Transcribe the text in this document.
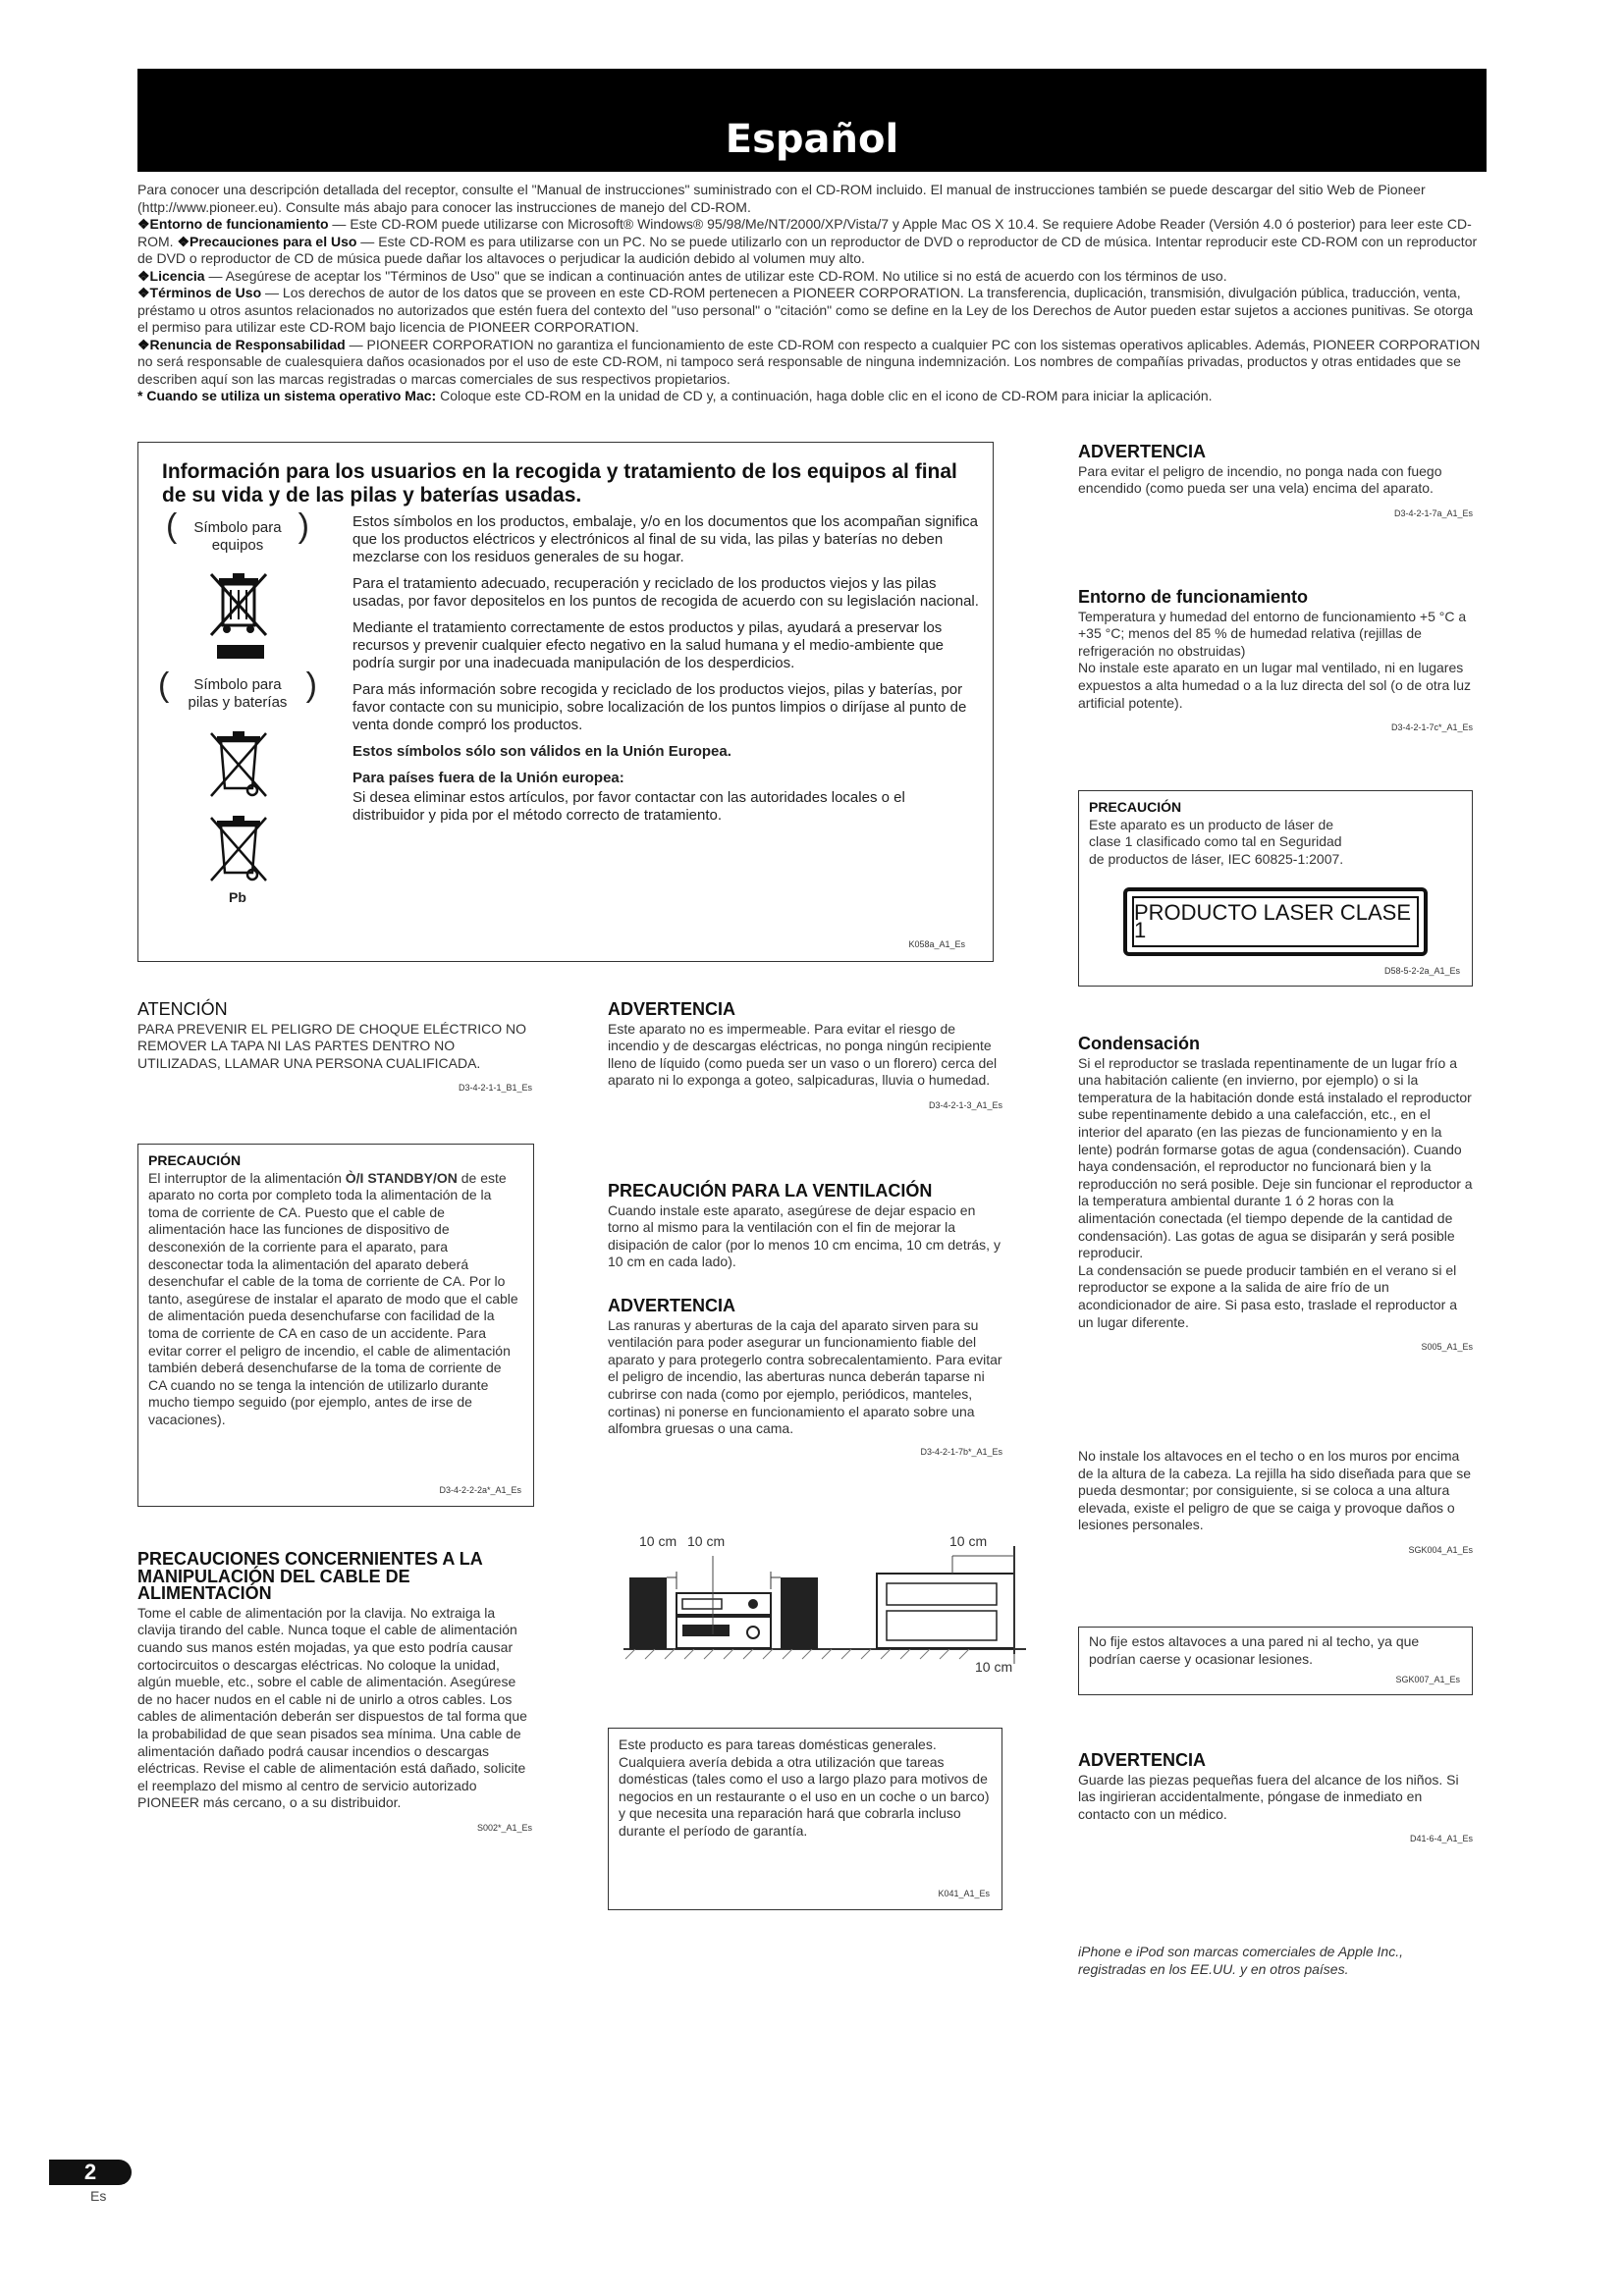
Español

Para conocer una descripción detallada del receptor, consulte el "Manual de instrucciones" suministrado con el CD-ROM incluido. El manual de instrucciones también se puede descargar del sitio Web de Pioneer (http://www.pioneer.eu). Consulte más abajo para conocer las instrucciones de manejo del CD-ROM.

❖Entorno de funcionamiento — Este CD-ROM puede utilizarse con Microsoft® Windows® 95/98/Me/NT/2000/XP/Vista/7 y Apple Mac OS X 10.4. Se requiere Adobe Reader (Versión 4.0 ó posterior) para leer este CD-ROM. ❖Precauciones para el Uso — Este CD-ROM es para utilizarse con un PC. No se puede utilizarlo con un reproductor de DVD o reproductor de CD de música. Intentar reproducir este CD-ROM con un reproductor de DVD o reproductor de CD de música puede dañar los altavoces o perjudicar la audición debido al volumen muy alto.

❖Licencia — Asegúrese de aceptar los "Términos de Uso" que se indican a continuación antes de utilizar este CD-ROM. No utilice si no está de acuerdo con los términos de uso.

❖Términos de Uso — Los derechos de autor de los datos que se proveen en este CD-ROM pertenecen a PIONEER CORPORATION. La transferencia, duplicación, transmisión, divulgación pública, traducción, venta, préstamo u otros asuntos relacionados no autorizados que estén fuera del contexto del "uso personal" o "citación" como se define en la Ley de los Derechos de Autor pueden estar sujetos a acciones punitivas. Se otorga el permiso para utilizar este CD-ROM bajo licencia de PIONEER CORPORATION.

❖Renuncia de Responsabilidad — PIONEER CORPORATION no garantiza el funcionamiento de este CD-ROM con respecto a cualquier PC con los sistemas operativos aplicables. Además, PIONEER CORPORATION no será responsable de cualesquiera daños ocasionados por el uso de este CD-ROM, ni tampoco será responsable de ninguna indemnización. Los nombres de compañías privadas, productos y otras entidades que se describen aquí son las marcas registradas o marcas comerciales de sus respectivos propietarios.

* Cuando se utiliza un sistema operativo Mac: Coloque este CD-ROM en la unidad de CD y, a continuación, haga doble clic en el icono de CD-ROM para iniciar la aplicación.

Información para los usuarios en la recogida y tratamiento de los equipos al final de su vida y de las pilas y baterías usadas.
(	Símbolo para equipos
)
(	Símbolo para pilas y baterías )
Pb

Estos símbolos en los productos, embalaje, y/o en los documentos que los acompañan significa que los productos eléctricos y electrónicos al final de su vida, las pilas y baterías no deben mezclarse con los residuos generales de su hogar.

Para el tratamiento adecuado, recuperación y reciclado de los productos viejos y las pilas usadas, por favor depositelos en los puntos de recogida de acuerdo con su legislación nacional.

Mediante el tratamiento correctamente de estos productos y pilas, ayudará a preservar los recursos y prevenir cualquier efecto negativo en la salud humana y el medio-ambiente que podría surgir por una inadecuada manipulación de los desperdicios.

Para más información sobre recogida y reciclado de los productos viejos, pilas y baterías, por favor contacte con su municipio, sobre localización de los puntos limpios o diríjase al punto de venta donde compró los productos.

Estos símbolos sólo son válidos en la Unión Europea.

Para países fuera de la Unión europea:

Si desea eliminar estos artículos, por favor contactar con las autoridades locales o el distribuidor y pida por el método correcto de tratamiento.

K058a_A1_Es
ADVERTENCIA

Para evitar el peligro de incendio, no ponga nada con fuego encendido (como pueda ser una vela) encima del aparato.

D3-4-2-1-7a_A1_Es
Entorno de funcionamiento

Temperatura y humedad del entorno de funcionamiento +5 °C a +35 °C; menos del 85 % de humedad relativa (rejillas de refrigeración no obstruidas)
No instale este aparato en un lugar mal ventilado, ni en lugares expuestos a alta humedad o a la luz directa del sol (o de otra luz artificial potente).

D3-4-2-1-7c*_A1_Es
PRECAUCIÓN

Este aparato es un producto de láser de clase 1 clasificado como tal en Seguridad de productos de láser, IEC 60825-1:2007.

PRODUCTO LASER CLASE 1
D58-5-2-2a_A1_Es
ATENCIÓN

PARA PREVENIR EL PELIGRO DE CHOQUE ELÉCTRICO NO REMOVER LA TAPA NI LAS PARTES DENTRO NO UTILIZADAS, LLAMAR UNA PERSONA CUALIFICADA.

D3-4-2-1-1_B1_Es
PRECAUCIÓN

El interruptor de la alimentación Ò/I STANDBY/ON de este aparato no corta por completo toda la alimentación de la toma de corriente de CA. Puesto que el cable de alimentación hace las funciones de dispositivo de desconexión de la corriente para el aparato, para desconectar toda la alimentación del aparato deberá desenchufar el cable de la toma de corriente de CA. Por lo tanto, asegúrese de instalar el aparato de modo que el cable de alimentación pueda desenchufarse con facilidad de la toma de corriente de CA en caso de un accidente. Para evitar correr el peligro de incendio, el cable de alimentación también deberá desenchufarse de la toma de corriente de CA cuando no se tenga la intención de utilizarlo durante mucho tiempo seguido (por ejemplo, antes de irse de vacaciones).

D3-4-2-2-2a*_A1_Es
PRECAUCIONES CONCERNIENTES A LA MANIPULACIÓN DEL CABLE DE ALIMENTACIÓN

Tome el cable de alimentación por la clavija. No extraiga la clavija tirando del cable. Nunca toque el cable de alimentación cuando sus manos estén mojadas, ya que esto podría causar cortocircuitos o descargas eléctricas. No coloque la unidad, algún mueble, etc., sobre el cable de alimentación. Asegúrese de no hacer nudos en el cable ni de unirlo a otros cables. Los cables de alimentación deberán ser dispuestos de tal forma que la probabilidad de que sean pisados sea mínima. Una cable de alimentación dañado podrá causar incendios o descargas eléctricas. Revise el cable de alimentación está dañado, solicite el reemplazo del mismo al centro de servicio autorizado PIONEER más cercano, o a su distribuidor.

S002*_A1_Es
ADVERTENCIA

Este aparato no es impermeable. Para evitar el riesgo de incendio y de descargas eléctricas, no ponga ningún recipiente lleno de líquido (como pueda ser un vaso o un florero) cerca del aparato ni lo exponga a goteo, salpicaduras, lluvia o humedad.

D3-4-2-1-3_A1_Es
PRECAUCIÓN PARA LA VENTILACIÓN

Cuando instale este aparato, asegúrese de dejar espacio en torno al mismo para la ventilación con el fin de mejorar la disipación de calor (por lo menos 10 cm encima, 10 cm detrás, y 10 cm en cada lado).

ADVERTENCIA

Las ranuras y aberturas de la caja del aparato sirven para su ventilación para poder asegurar un funcionamiento fiable del aparato y para protegerlo contra sobrecalentamiento. Para evitar el peligro de incendio, las aberturas nunca deberán taparse ni cubrirse con nada (como por ejemplo, periódicos, manteles, cortinas) ni ponerse en funcionamiento el aparato sobre una alfombra gruesas o una cama.

D3-4-2-1-7b*_A1_Es
10 cm 10 cm	10 cm
10 cm

Este producto es para tareas domésticas generales. Cualquiera avería debida a otra utilización que tareas domésticas (tales como el uso a largo plazo para motivos de negocios en un restaurante o el uso en un coche o un barco) y que necesita una reparación hará que cobrarla incluso durante el período de garantía.

K041_A1_Es
Condensación

Si el reproductor se traslada repentinamente de un lugar frío a una habitación caliente (en invierno, por ejemplo) o si la temperatura de la habitación donde está instalado el reproductor sube repentinamente debido a una calefacción, etc., en el interior del aparato (en las piezas de funcionamiento y en la lente) podrán formarse gotas de agua (condensación). Cuando haya condensación, el reproductor no funcionará bien y la reproducción no será posible. Deje sin funcionar el reproductor a la temperatura ambiental durante 1 ó 2 horas con la alimentación conectada (el tiempo depende de la cantidad de condensación). Las gotas de agua se disiparán y será posible reproducir.
La condensación se puede producir también en el verano si el reproductor se expone a la salida de aire frío de un acondicionador de aire. Si pasa esto, traslade el reproductor a un lugar diferente.

S005_A1_Es

No instale los altavoces en el techo o en los muros por encima de la altura de la cabeza. La rejilla ha sido diseñada para que se pueda desmontar; por consiguiente, si se coloca a una altura elevada, existe el peligro de que se caiga y provoque daños o lesiones personales.

SGK004_A1_Es

No fije estos altavoces a una pared ni al techo, ya que podrían caerse y ocasionar lesiones.

SGK007_A1_Es
ADVERTENCIA

Guarde las piezas pequeñas fuera del alcance de los niños. Si las ingirieran accidentalmente, póngase de inmediato en contacto con un médico.

D41-6-4_A1_Es
iPhone e iPod son marcas comerciales de Apple Inc., registradas en los EE.UU. y en otros países.
2
Es
